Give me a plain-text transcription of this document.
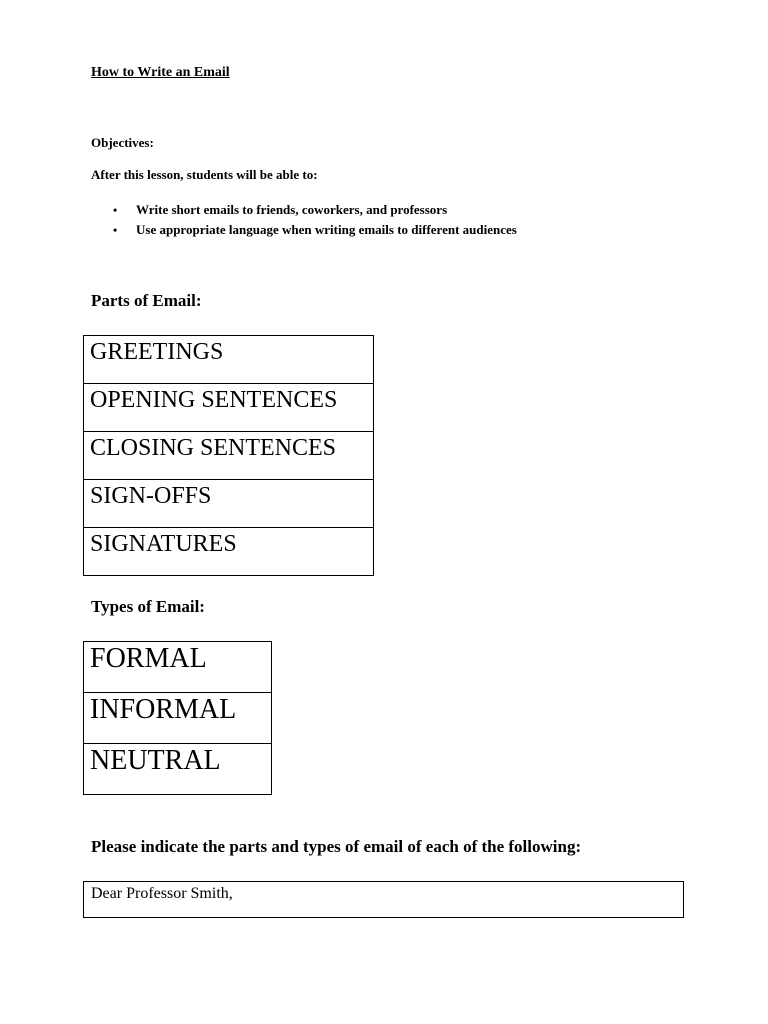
How to Write an Email
Objectives:
After this lesson, students will be able to:
• Write short emails to friends, coworkers, and professors
• Use appropriate language when writing emails to different audiences
Parts of Email:
GREETINGS
OPENING SENTENCES
CLOSING SENTENCES
SIGN-OFFS
SIGNATURES
Types of Email:
FORMAL
INFORMAL
NEUTRAL
Please indicate the parts and types of email of each of the following:
Dear Professor Smith,
